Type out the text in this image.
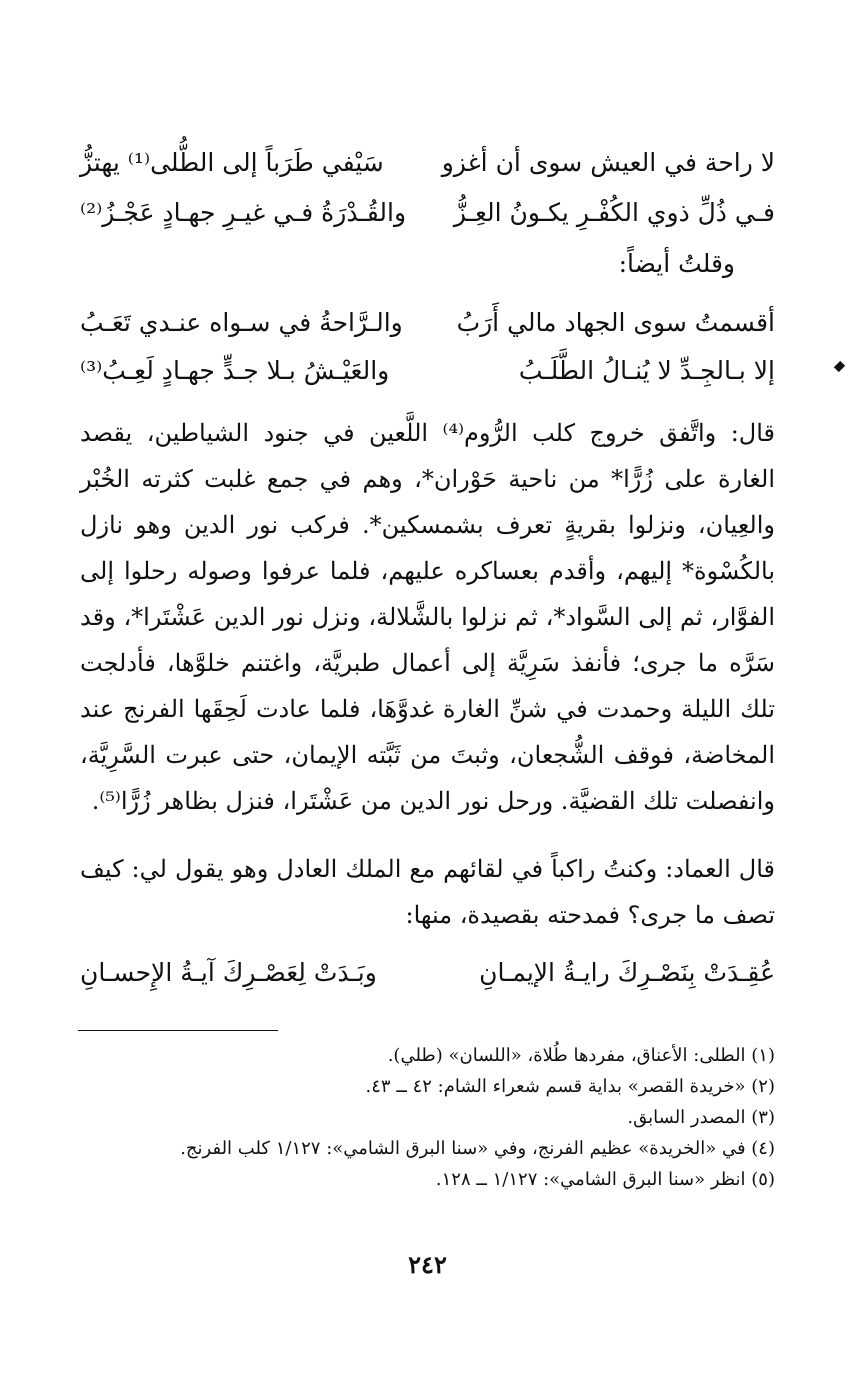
لا راحة في العيش سوى أن أغزو
سَيْفي طَرَباً إلى الطُّلى⁽¹⁾ يهتزُّ
فـي ذُلِّ ذوي الكُفْـرِ يكـونُ العِـزُّ
والقُـدْرَةُ فـي غيـرِ جهـادٍ عَجْـزُ⁽²⁾
وقلتُ أيضاً:
أقسمتُ سوى الجهاد مالي أَرَبُ
والـرَّاحةُ في سـواه عنـدي تَعَـبُ
إلا بـالجِـدِّ لا يُنـالُ الطَّلَـبُ
والعَيْـشُ بـلا جـدٍّ جهـادٍ لَعِـبُ⁽³⁾
قال: واتَّفق خروج كلب الرُّوم⁽⁴⁾ اللَّعين في جنود الشياطين، يقصد الغارة على زُرًّا* من ناحية حَوْران*، وهم في جمع غلبت كثرته الخُبْر والعِيان، ونزلوا بقريةٍ تعرف بشمسكين*. فركب نور الدين وهو نازل بالكُسْوة* إليهم، وأقدم بعساكره عليهم، فلما عرفوا وصوله رحلوا إلى الفوَّار، ثم إلى السَّواد*، ثم نزلوا بالشَّلالة، ونزل نور الدين عَشْتَرا*، وقد سَرَّه ما جرى؛ فأنفذ سَرِيَّة إلى أعمال طبريَّة، واغتنم خلوَّها، فأدلجت تلك الليلة وحمدت في شنِّ الغارة غدوَّهَا، فلما عادت لَحِقَها الفرنج عند المخاضة، فوقف الشُّجعان، وثبتَ من ثَبَّته الإيمان، حتى عبرت السَّرِيَّة، وانفصلت تلك القضيَّة. ورحل نور الدين من عَشْتَرا، فنزل بظاهر زُرًّا⁽⁵⁾.
قال العماد: وكنتُ راكباً في لقائهم مع الملك العادل وهو يقول لي: كيف تصف ما جرى؟ فمدحته بقصيدة، منها:
عُقِـدَتْ بِنَصْـرِكَ رايـةُ الإيمـانِ
وبَـدَتْ لِعَصْـرِكَ آيـةُ الإِحسـانِ
(١) الطلى: الأعناق، مفردها طُلاة، «اللسان» (طلي).
(٢) «خريدة القصر» بداية قسم شعراء الشام: ٤٢ ــ ٤٣.
(٣) المصدر السابق.
(٤) في «الخريدة» عظيم الفرنج، وفي «سنا البرق الشامي»: ١/١٢٧ كلب الفرنج.
(٥) انظر «سنا البرق الشامي»: ١/١٢٧ ــ ١٢٨.
٢٤٢
